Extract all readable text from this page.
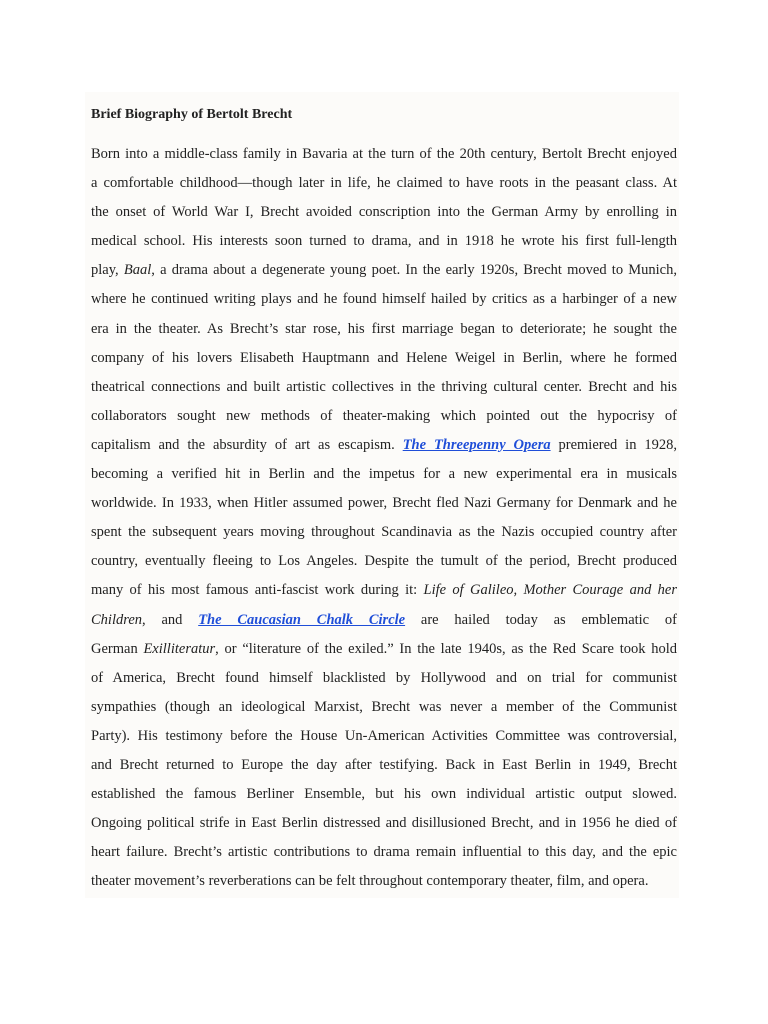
Brief Biography of Bertolt Brecht
Born into a middle-class family in Bavaria at the turn of the 20th century, Bertolt Brecht enjoyed
a comfortable childhood—though later in life, he claimed to have roots in the peasant class. At
the onset of World War I, Brecht avoided conscription into the German Army by enrolling in
medical school. His interests soon turned to drama, and in 1918 he wrote his first full-length
play, Baal, a drama about a degenerate young poet. In the early 1920s, Brecht moved to Munich,
where he continued writing plays and he found himself hailed by critics as a harbinger of a new
era in the theater. As Brecht’s star rose, his first marriage began to deteriorate; he sought the
company of his lovers Elisabeth Hauptmann and Helene Weigel in Berlin, where he formed
theatrical connections and built artistic collectives in the thriving cultural center. Brecht and his
collaborators sought new methods of theater-making which pointed out the hypocrisy of
capitalism and the absurdity of art as escapism. The Threepenny Opera premiered in 1928,
becoming a verified hit in Berlin and the impetus for a new experimental era in musicals
worldwide. In 1933, when Hitler assumed power, Brecht fled Nazi Germany for Denmark and he
spent the subsequent years moving throughout Scandinavia as the Nazis occupied country after
country, eventually fleeing to Los Angeles. Despite the tumult of the period, Brecht produced
many of his most famous anti-fascist work during it: Life of Galileo, Mother Courage and her
Children, and The Caucasian Chalk Circle are hailed today as emblematic of
German Exilliteratur, or “literature of the exiled.” In the late 1940s, as the Red Scare took hold
of America, Brecht found himself blacklisted by Hollywood and on trial for communist
sympathies (though an ideological Marxist, Brecht was never a member of the Communist
Party). His testimony before the House Un-American Activities Committee was controversial,
and Brecht returned to Europe the day after testifying. Back in East Berlin in 1949, Brecht
established the famous Berliner Ensemble, but his own individual artistic output slowed.
Ongoing political strife in East Berlin distressed and disillusioned Brecht, and in 1956 he died of
heart failure. Brecht’s artistic contributions to drama remain influential to this day, and the epic
theater movement’s reverberations can be felt throughout contemporary theater, film, and opera.
